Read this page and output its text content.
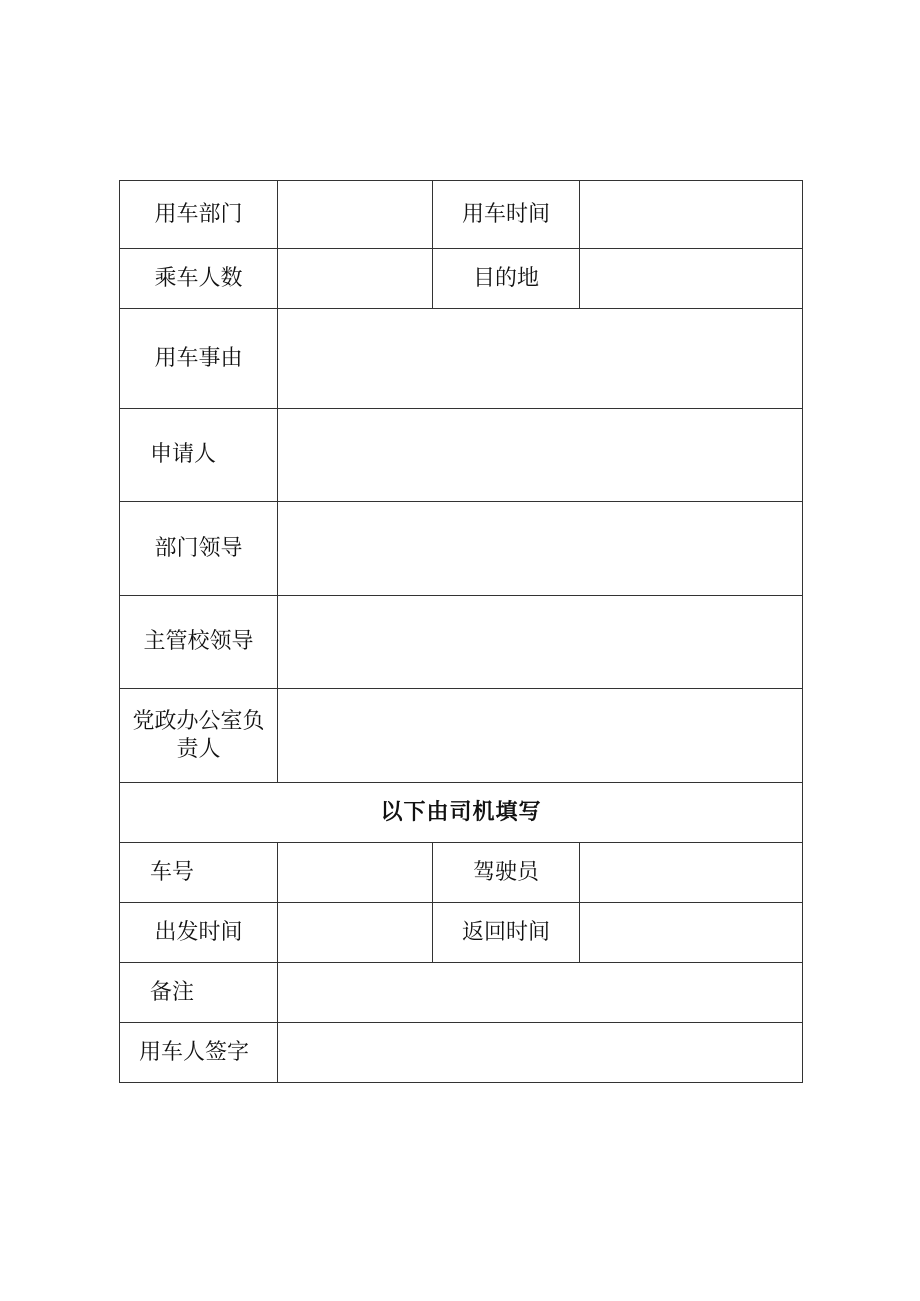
用车部门		用车时间	
乘车人数		目的地	
用车事由			
申请人			
部门领导			
主管校领导			

党政办公室负
责人			

以下由司机填写			
车号		驾驶员	
出发时间		返回时间	
备注			
用车人签字			
